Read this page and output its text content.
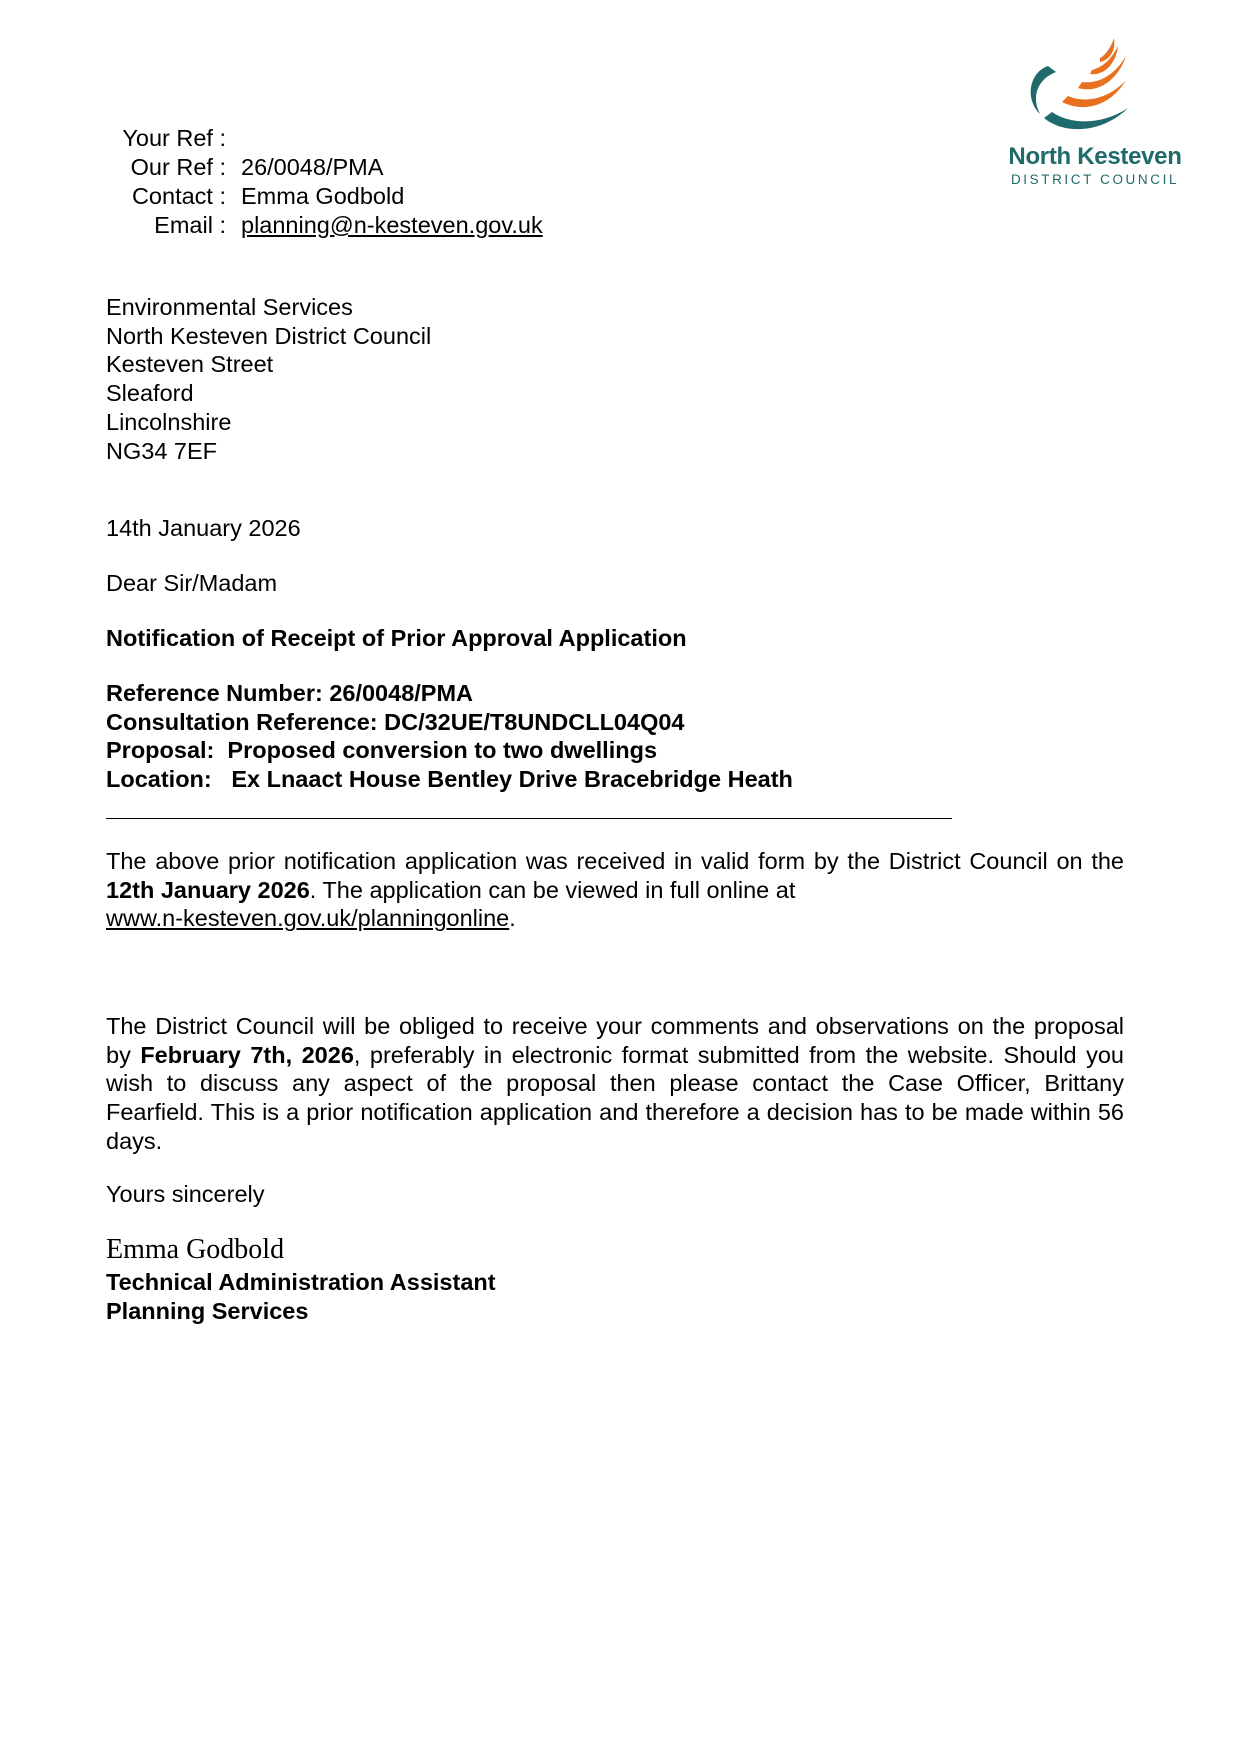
Your Ref :
Our Ref : 26/0048/PMA
Contact : Emma Godbold
Email : planning@n-kesteven.gov.uk
North Kesteven
DISTRICT COUNCIL
Environmental Services
North Kesteven District Council
Kesteven Street
Sleaford
Lincolnshire
NG34 7EF
14th January 2026
Dear Sir/Madam
Notification of Receipt of Prior Approval Application
Reference Number: 26/0048/PMA
Consultation Reference: DC/32UE/T8UNDCLL04Q04
Proposal:  Proposed conversion to two dwellings
Location:   Ex Lnaact House Bentley Drive Bracebridge Heath
The above prior notification application was received in valid form by the District Council on the 12th January 2026. The application can be viewed in full online at
www.n-kesteven.gov.uk/planningonline.
The District Council will be obliged to receive your comments and observations on the proposal by February 7th, 2026, preferably in electronic format submitted from the website. Should you wish to discuss any aspect of the proposal then please contact the Case Officer, Brittany Fearfield. This is a prior notification application and therefore a decision has to be made within 56 days.
Yours sincerely
Emma Godbold
Technical Administration Assistant
Planning Services
